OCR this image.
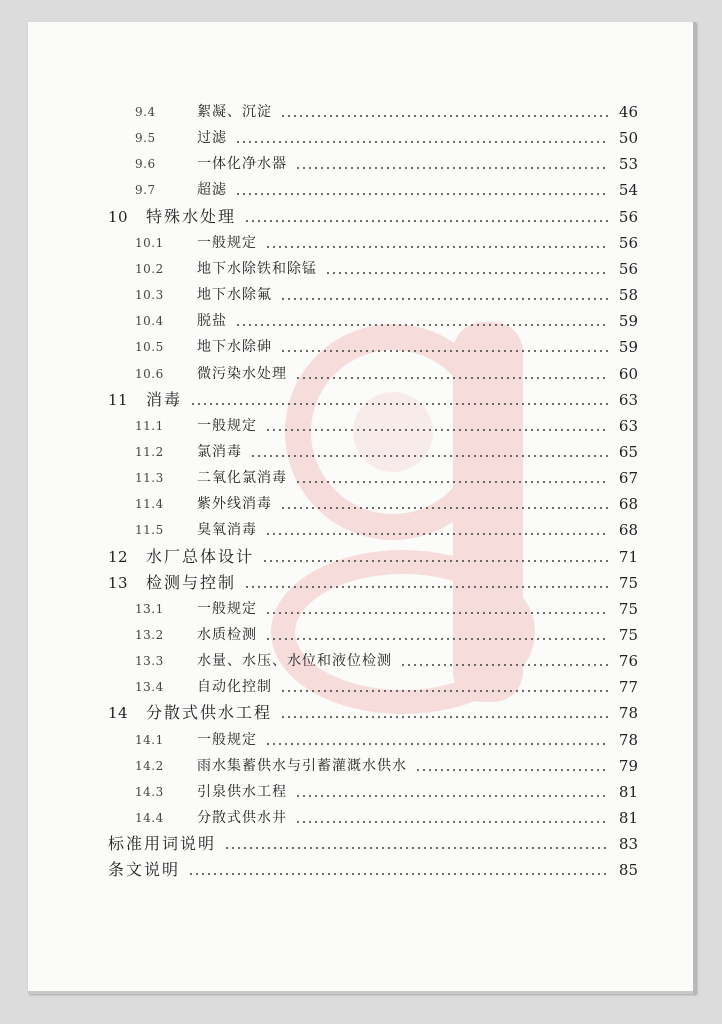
9.4	絮凝、沉淀	46
9.5	过滤	50
9.6	一体化净水器	53
9.7	超滤	54
10	特殊水处理	56
10.1	一般规定	56
10.2	地下水除铁和除锰	56
10.3	地下水除氟	58
10.4	脱盐	59
10.5	地下水除砷	59
10.6	微污染水处理	60
11	消毒	63
11.1	一般规定	63
11.2	氯消毒	65
11.3	二氧化氯消毒	67
11.4	紫外线消毒	68
11.5	臭氧消毒	68
12	水厂总体设计	71
13	检测与控制	75
13.1	一般规定	75
13.2	水质检测	75
13.3	水量、水压、水位和液位检测	76
13.4	自动化控制	77
14	分散式供水工程	78
14.1	一般规定	78
14.2	雨水集蓄供水与引蓄灌溉水供水	79
14.3	引泉供水工程	81
14.4	分散式供水井	81
标准用词说明	83
条文说明	85
